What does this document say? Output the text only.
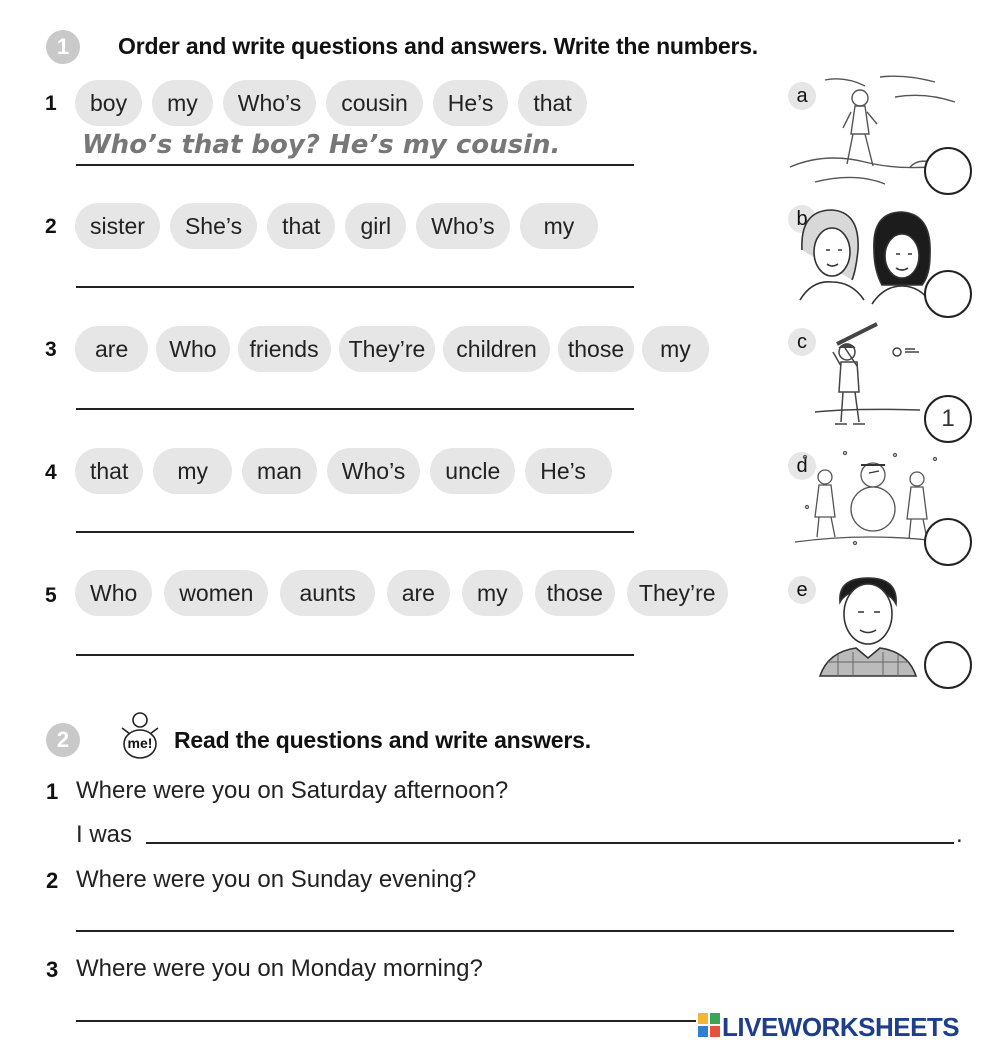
1	Order and write questions and answers. Write the numbers.
1	boy	my	Who’s	cousin	He’s	that
Who’s that boy? He’s my cousin.
2	sister	She’s	that	girl	Who’s	my
3	are	Who	friends	They’re	children	those	my
4	that	my	man	Who’s	uncle	He’s
5	Who	women	aunts	are	my	those	They’re
a
b
c
1
d
e
2	me! Read the questions and write answers.
1 Where were you on Saturday afternoon?
I was	.
2 Where were you on Sunday evening?
3 Where were you on Monday morning?
LIVEWORKSHEETS
